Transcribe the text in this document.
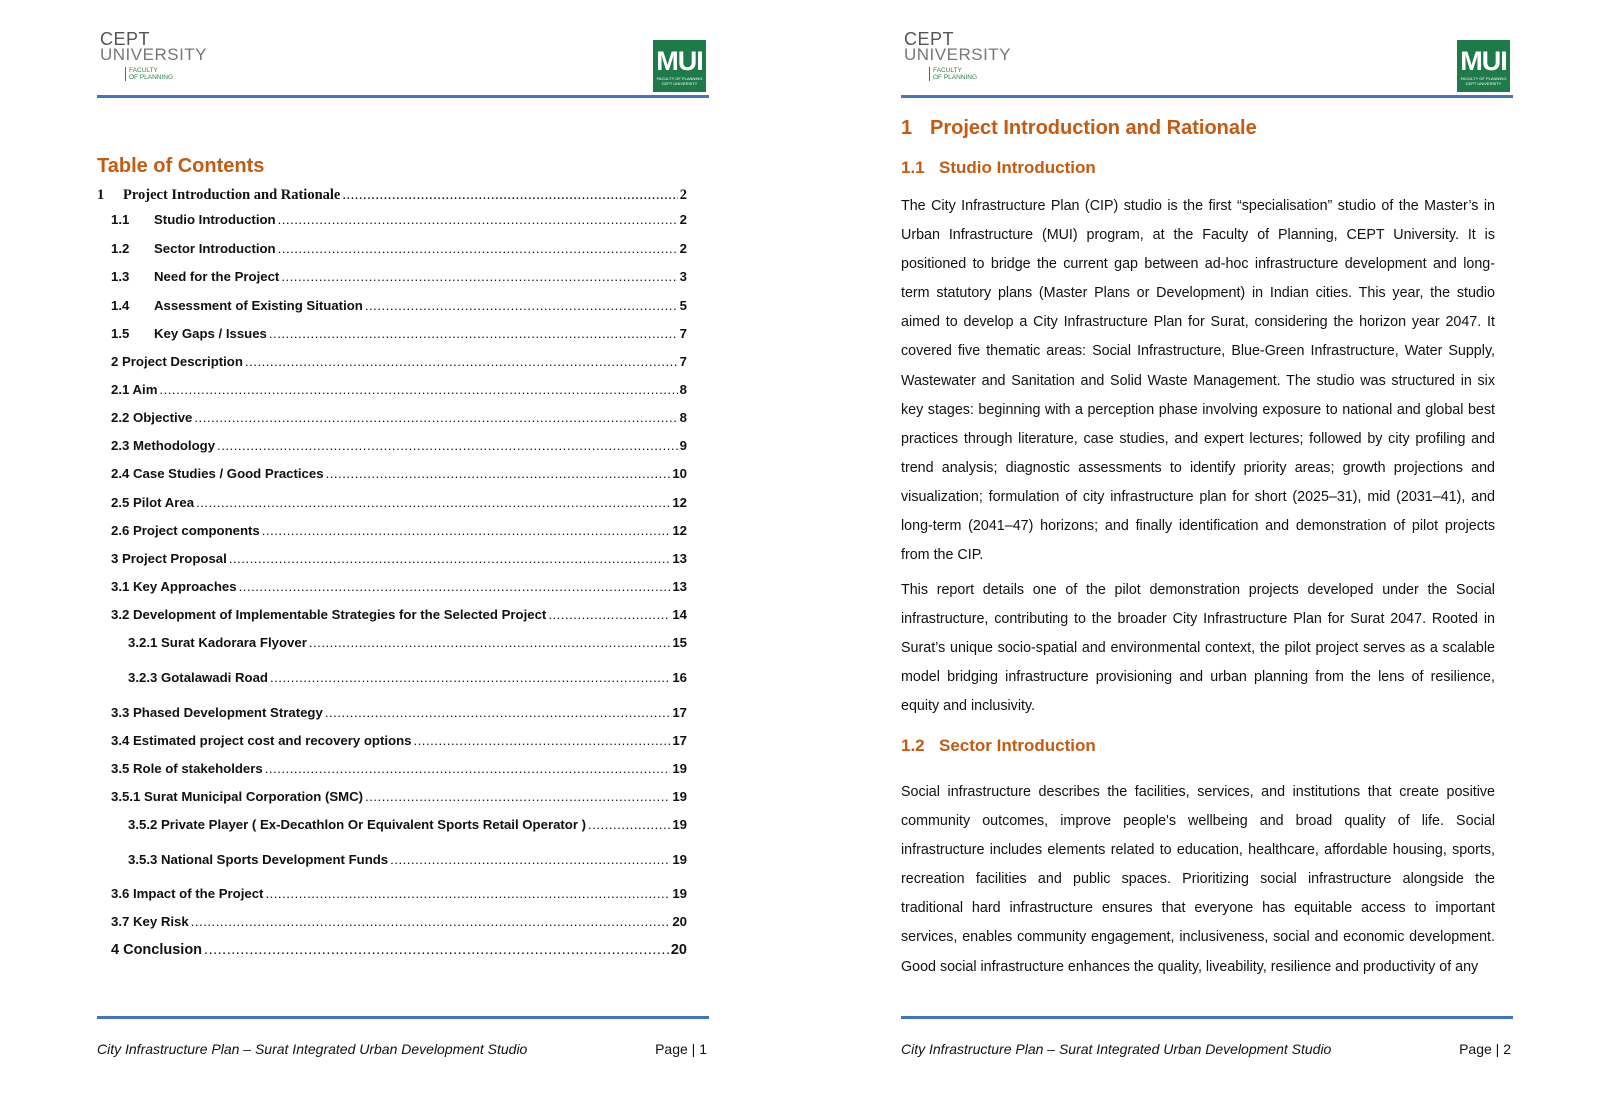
CEPT
UNIVERSITY
FACULTY
OF PLANNING
MUI
FACULTY OF PLANNING CEPT UNIVERSITY
Table of Contents
1	Project Introduction and Rationale .....	2
1.1	Studio Introduction .....	2
1.2	Sector Introduction .....	2
1.3	Need for the Project .....	3
1.4	Assessment of Existing Situation .....	5
1.5	Key Gaps / Issues .....	7
2 Project Description .....	7
2.1 Aim .....	8
2.2 Objective .....	8
2.3 Methodology .....	9
2.4 Case Studies / Good Practices .....	10
2.5 Pilot Area .....	12
2.6 Project components .....	12
3 Project Proposal .....	13
3.1 Key Approaches .....	13
3.2 Development of Implementable Strategies for the Selected Project .....	14
3.2.1 Surat Kadorara Flyover .....	15
3.2.3 Gotalawadi Road .....	16
3.3 Phased Development Strategy .....	17
3.4 Estimated project cost and recovery options .....	17
3.5 Role of stakeholders .....	19
3.5.1 Surat Municipal Corporation (SMC) .....	19
3.5.2 Private Player ( Ex-Decathlon Or Equivalent Sports Retail Operator ) .....	19
3.5.3 National Sports Development Funds .....	19
3.6 Impact of the Project .....	19
3.7 Key Risk .....	20
4 Conclusion .....	20
City Infrastructure Plan – Surat Integrated Urban Development Studio	Page | 1
CEPT
UNIVERSITY
FACULTY
OF PLANNING
MUI
FACULTY OF PLANNING CEPT UNIVERSITY
1 Project Introduction and Rationale
1.1 Studio Introduction

The City Infrastructure Plan (CIP) studio is the first “specialisation” studio of the Master’s in Urban Infrastructure (MUI) program, at the Faculty of Planning, CEPT University. It is positioned to bridge the current gap between ad-hoc infrastructure development and long-term statutory plans (Master Plans or Development) in Indian cities. This year, the studio aimed to develop a City Infrastructure Plan for Surat, considering the horizon year 2047. It covered five thematic areas: Social Infrastructure, Blue-Green Infrastructure, Water Supply, Wastewater and Sanitation and Solid Waste Management. The studio was structured in six key stages: beginning with a perception phase involving exposure to national and global best practices through literature, case studies, and expert lectures; followed by city profiling and trend analysis; diagnostic assessments to identify priority areas; growth projections and visualization; formulation of city infrastructure plan for short (2025–31), mid (2031–41), and long-term (2041–47) horizons; and finally identification and demonstration of pilot projects from the CIP.

This report details one of the pilot demonstration projects developed under the Social infrastructure, contributing to the broader City Infrastructure Plan for Surat 2047. Rooted in Surat’s unique socio-spatial and environmental context, the pilot project serves as a scalable model bridging infrastructure provisioning and urban planning from the lens of resilience, equity and inclusivity.

1.2 Sector Introduction

Social infrastructure describes the facilities, services, and institutions that create positive community outcomes, improve people's wellbeing and broad quality of life. Social infrastructure includes elements related to education, healthcare, affordable housing, sports, recreation facilities and public spaces. Prioritizing social infrastructure alongside the traditional hard infrastructure ensures that everyone has equitable access to important services, enables community engagement, inclusiveness, social and economic development. Good social infrastructure enhances the quality, liveability, resilience and productivity of any

City Infrastructure Plan – Surat Integrated Urban Development Studio	Page | 2
